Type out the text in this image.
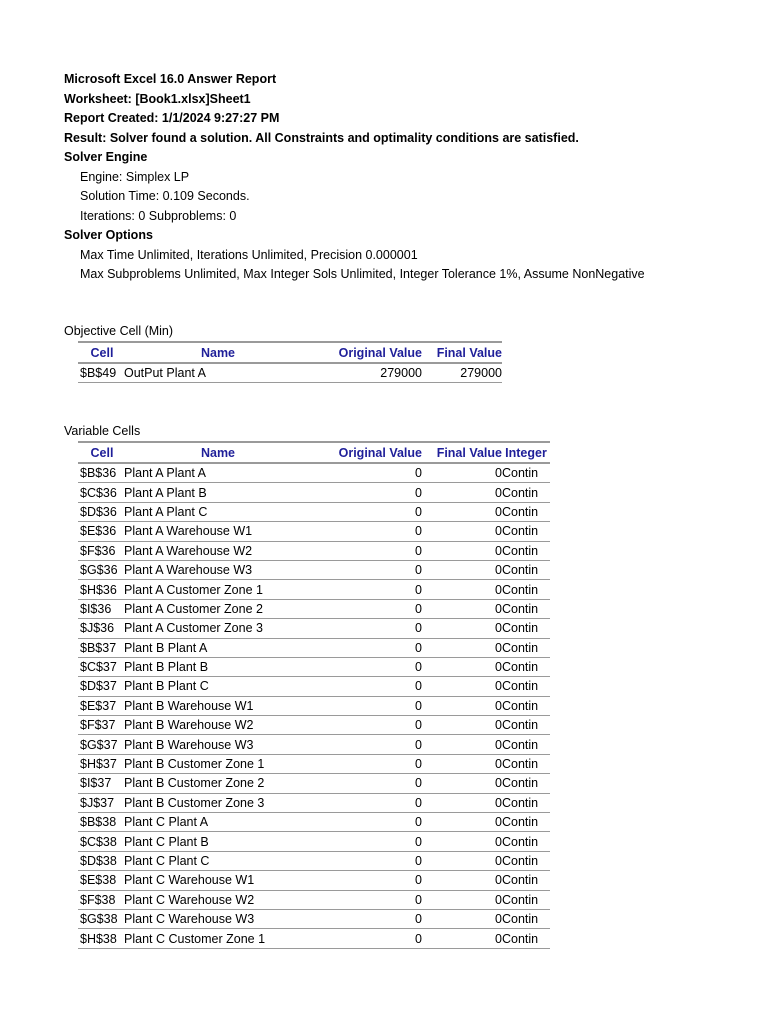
Microsoft Excel 16.0 Answer Report
Worksheet: [Book1.xlsx]Sheet1
Report Created: 1/1/2024 9:27:27 PM
Result: Solver found a solution. All Constraints and optimality conditions are satisfied.
Solver Engine
Engine: Simplex LP
Solution Time: 0.109 Seconds.
Iterations: 0 Subproblems: 0
Solver Options
Max Time Unlimited, Iterations Unlimited, Precision 0.000001
Max Subproblems Unlimited, Max Integer Sols Unlimited, Integer Tolerance 1%, Assume NonNegative
Objective Cell (Min)
Cell	Name	Original Value	Final Value
$B$49	OutPut Plant A	279000	279000
Variable Cells
Cell	Name	Original Value	Final Value	Integer
$B$36	Plant A Plant A	0	0	Contin
$C$36	Plant A Plant B	0	0	Contin
$D$36	Plant A Plant C	0	0	Contin
$E$36	Plant A Warehouse W1	0	0	Contin
$F$36	Plant A Warehouse W2	0	0	Contin
$G$36	Plant A Warehouse W3	0	0	Contin
$H$36	Plant A Customer Zone 1	0	0	Contin
$I$36	Plant A Customer Zone 2	0	0	Contin
$J$36	Plant A Customer Zone 3	0	0	Contin
$B$37	Plant B Plant A	0	0	Contin
$C$37	Plant B Plant B	0	0	Contin
$D$37	Plant B Plant C	0	0	Contin
$E$37	Plant B Warehouse W1	0	0	Contin
$F$37	Plant B Warehouse W2	0	0	Contin
$G$37	Plant B Warehouse W3	0	0	Contin
$H$37	Plant B Customer Zone 1	0	0	Contin
$I$37	Plant B Customer Zone 2	0	0	Contin
$J$37	Plant B Customer Zone 3	0	0	Contin
$B$38	Plant C Plant A	0	0	Contin
$C$38	Plant C Plant B	0	0	Contin
$D$38	Plant C Plant C	0	0	Contin
$E$38	Plant C Warehouse W1	0	0	Contin
$F$38	Plant C Warehouse W2	0	0	Contin
$G$38	Plant C Warehouse W3	0	0	Contin
$H$38	Plant C Customer Zone 1	0	0	Contin
